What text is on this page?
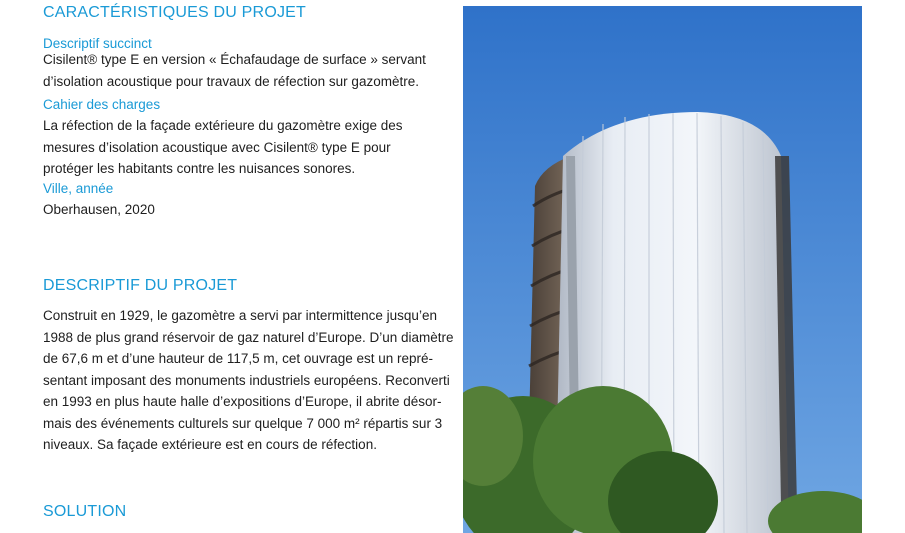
CARACTÉRISTIQUES DU PROJET
Descriptif succinct
Cisilent® type E en version « Échafaudage de surface » servant
d’isolation acoustique pour travaux de réfection sur gazomètre.
Cahier des charges
La réfection de la façade extérieure du gazomètre exige des
mesures d’isolation acoustique avec Cisilent® type E pour
protéger les habitants contre les nuisances sonores.
Ville, année
Oberhausen, 2020
DESCRIPTIF DU PROJET
Construit en 1929, le gazomètre a servi par intermittence jusqu’en
1988 de plus grand réservoir de gaz naturel d’Europe. D’un diamètre
de 67,6 m et d’une hauteur de 117,5 m, cet ouvrage est un repré-
sentant imposant des monuments industriels européens. Reconverti
en 1993 en plus haute halle d’expositions d’Europe, il abrite désor-
mais des événements culturels sur quelque 7 000 m² répartis sur 3
niveaux. Sa façade extérieure est en cours de réfection.
SOLUTION
